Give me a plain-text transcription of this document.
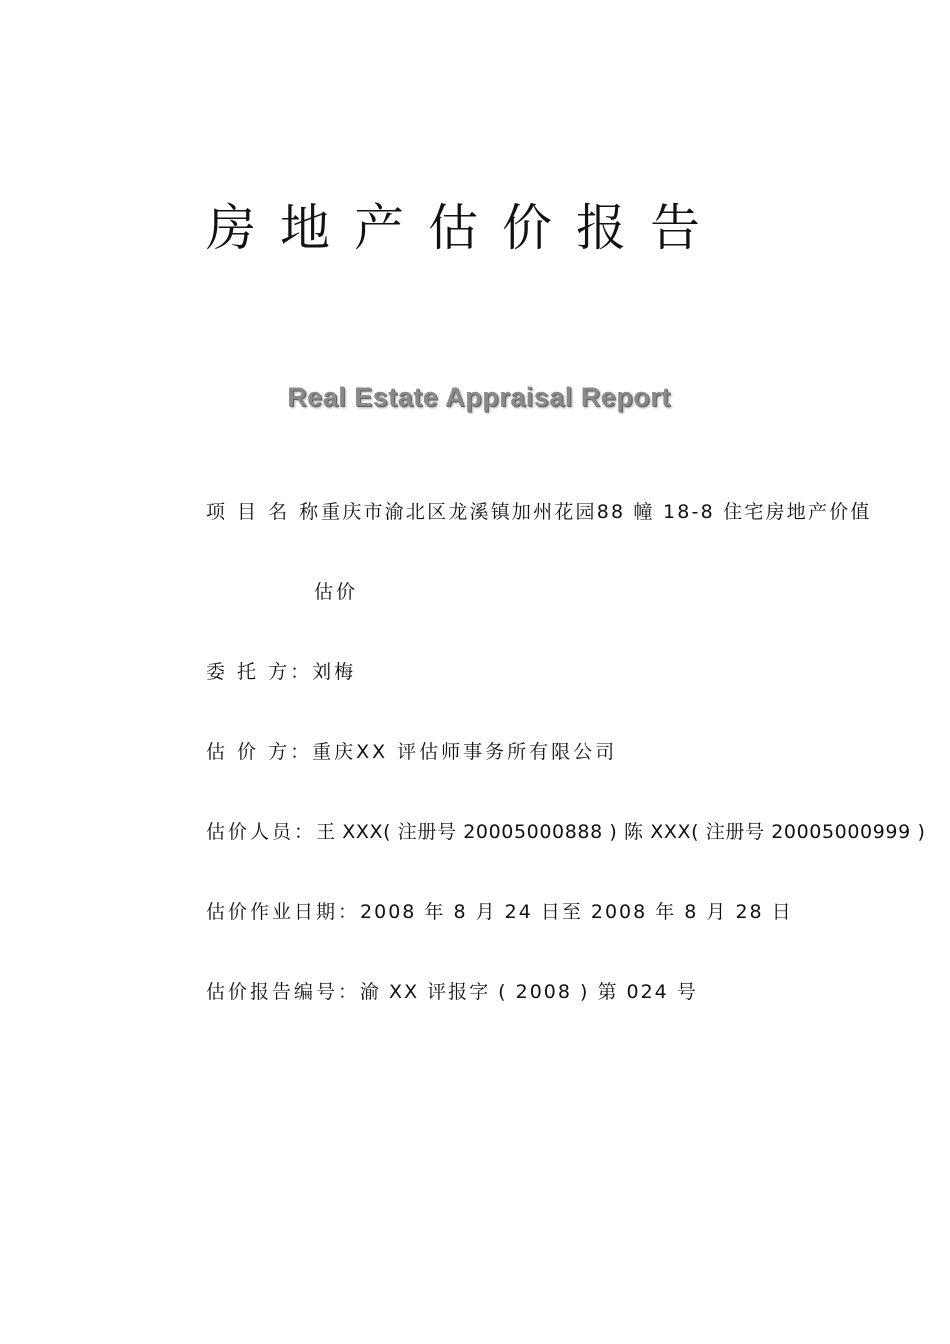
房地产估价报告
Real Estate Appraisal Report
项 目 名 称重庆市渝北区龙溪镇加州花园88 幢 18-8 住宅房地产价值
估价
委 托 方：刘梅
估 价 方：重庆XX 评估师事务所有限公司
估价人员：王 XXX( 注册号 20005000888 ) 陈 XXX( 注册号 20005000999 )
估价作业日期：2008 年 8 月 24 日至 2008 年 8 月 28 日
估价报告编号：渝 XX 评报字 ( 2008 ) 第 024 号
